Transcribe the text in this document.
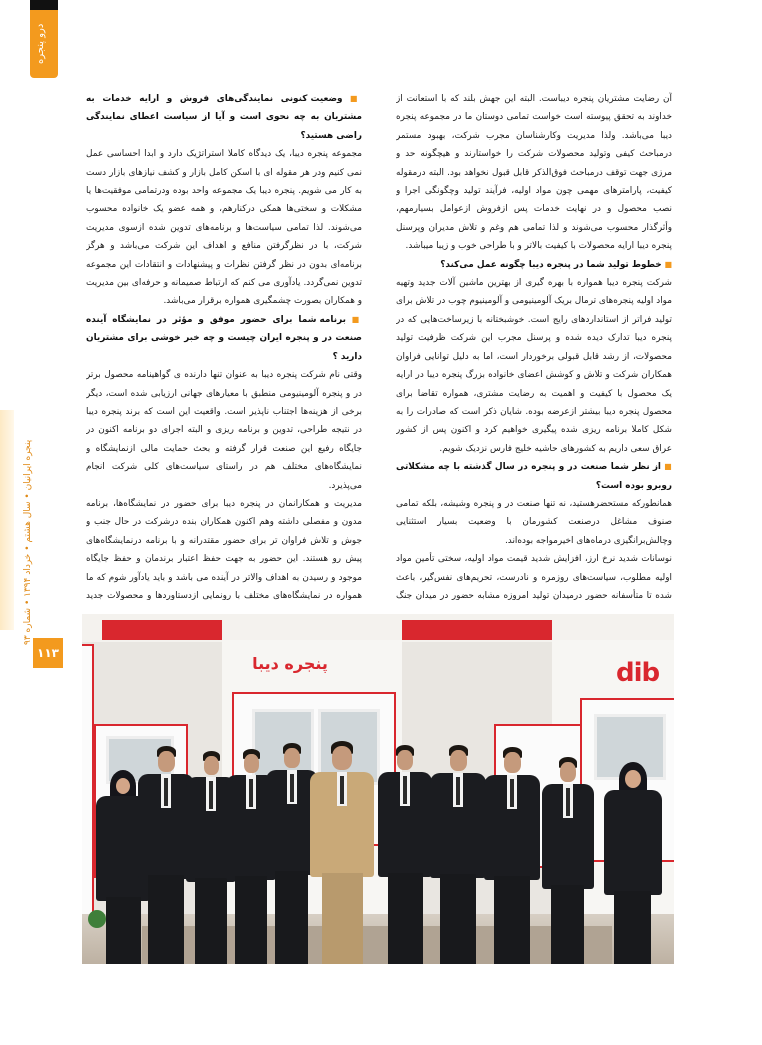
درو پنجره
پنجره ایرانیان • سال هشتم • خرداد ۱۳۹۴ • شماره ۹۳
۱۱۳

آن رضایت مشتریان پنجره دیباست. البته این جهش بلند که با استعانت از خداوند به تحقق پیوسته است خواست تمامی دوستان ما در مجموعه پنجره دیبا می‌باشد. ولذا مدیریت وکارشناسان مجرب شرکت، بهبود مستمر درمباحث کیفی وتولید محصولات شرکت را خواستارند و هیچگونه حد و مرزی جهت توقف درمباحث فوق‌الذکر قابل قبول نخواهد بود. البته درمقوله کیفیت، پارامترهای مهمی چون مواد اولیه، فرآیند تولید وچگونگی اجرا و نصب محصول و در نهایت خدمات پس ازفروش ازعوامل بسیارمهم، وأثرگذار محسوب می‌شوند و لذا تمامی هم وغم و تلاش مدیران وپرسنل پنجره دیبا ارایه محصولات با کیفیت بالاتر و با طراحی خوب و زیبا میباشد.

■ خطوط تولید شما در پنجره دیبا چگونه عمل می‌کند؟

شرکت پنجره دیبا همواره با بهره گیری از بهترین ماشین آلات جدید وتهیه مواد اولیه پنجره‌های ترمال بریک آلومینیومی و آلومینیوم چوب در تلاش برای تولید فراتر از استانداردهای رایج است. خوشبختانه با زیرساخت‌هایی که در پنجره دیبا تدارک دیده شده و پرسنل مجرب این شرکت ظرفیت تولید محصولات، از رشد قابل قبولی برخوردار است، اما به دلیل توانایی فراوان همکاران شرکت و تلاش و کوشش اعضای خانواده بزرگ پنجره دیبا در ارایه یک محصول با کیفیت و اهمیت به رضایت مشتری، همواره تقاضا برای محصول پنجره دیبا بیشتر ازعرضه بوده. شایان ذکر است که صادرات را به شکل کاملا برنامه ریزی شده پیگیری خواهیم کرد و اکنون پس از کشور عراق سعی داریم به کشورهای حاشیه خلیج فارس نزدیک شویم.

■ از نظر شما صنعت در و پنجره در سال گذشته با چه مشکلاتی روبرو بوده است؟

همانطورکه مستحضرهستید، نه تنها صنعت در و پنجره وشیشه، بلکه تمامی صنوف مشاغل درصنعت کشورمان با وضعیت بسیار استثنایی وچالش‌برانگیزی درماه‌های اخیرمواجه بوده‌اند.

نوسانات شدید نرخ ارز، افزایش شدید قیمت مواد اولیه، سختی تأمین مواد اولیه مطلوب، سیاست‌های روزمره و نادرست، تحریم‌های نفس‌گیر، باعث شده تا متأسفانه حضور درمیدان تولید امروزه مشابه حضور در میدان جنگ

■ وضعیت کنونی نمایندگی‌های فروش و ارایه خدمات به مشتریان به چه نحوی است و آیا از سیاست اعطای نمایندگی راضی هستید؟

مجموعه پنجره دیبا، یک دیدگاه کاملا استراتژیک دارد و ابدا احساسی عمل نمی کنیم ودر هر مقوله ای با اسکن کامل بازار و کشف نیازهای بازار دست به کار می شویم. پنجره دیبا یک مجموعه واحد بوده ودرتمامی موفقیت‌ها یا مشکلات و سختی‌ها همکی درکنارهم، و همه عضو یک خانواده محسوب می‌شوند. لذا تمامی سیاست‌ها و برنامه‌های تدوین شده ازسوی مدیریت شرکت، با در نظرگرفتن منافع و اهداف این شرکت می‌باشد و هرگز برنامه‌ای بدون در نظر گرفتن نظرات و پیشنهادات و انتقادات این مجموعه تدوین نمی‌گردد. یادآوری می کنم که ارتباط صمیمانه و حرفه‌ای بین مدیریت و همکاران بصورت چشمگیری همواره برقرار می‌باشد.

■ برنامه شما برای حضور موفق و مؤثر در نمایشگاه آینده صنعت در و پنجره ایران چیست و چه خبر خوشی برای مشتریان دارید ؟

وقتی نام شرکت پنجره دیبا به عنوان تنها دارنده ی گواهینامه محصول برتر در و پنجره آلومینیومی منطبق با معیارهای جهانی ارزیابی شده است، دیگر برخی از هزینه‌ها اجتناب ناپذیر است. واقعیت این است که برند پنجره دیبا در نتیجه طراحی، تدوین و برنامه ریزی و البته اجرای دو برنامه اکنون در جایگاه رفیع این صنعت قرار گرفته و بحث حمایت مالی ازنمایشگاه و نمایشگاه‌های مختلف هم در راستای سیاست‌های کلی شرکت انجام می‌پذیرد.

مدیریت و همکارانمان در پنجره دیبا برای حضور در نمایشگاه‌ها، برنامه مدون و مفصلی داشته وهم اکنون همکاران بنده درشرکت در حال جنب و جوش و تلاش فراوان تر برای حضور مقتدرانه و با برنامه درنمایشگاه‌های پیش رو هستند. این حضور به جهت حفظ اعتبار برندمان و حفظ جایگاه موجود و رسیدن به اهداف والاتر در آینده می باشد و باید یادآور شوم که ما همواره در نمایشگاه‌های مختلف با رونمایی ازدستاوردها و محصولات جدید

پنجره دیبا	dib
